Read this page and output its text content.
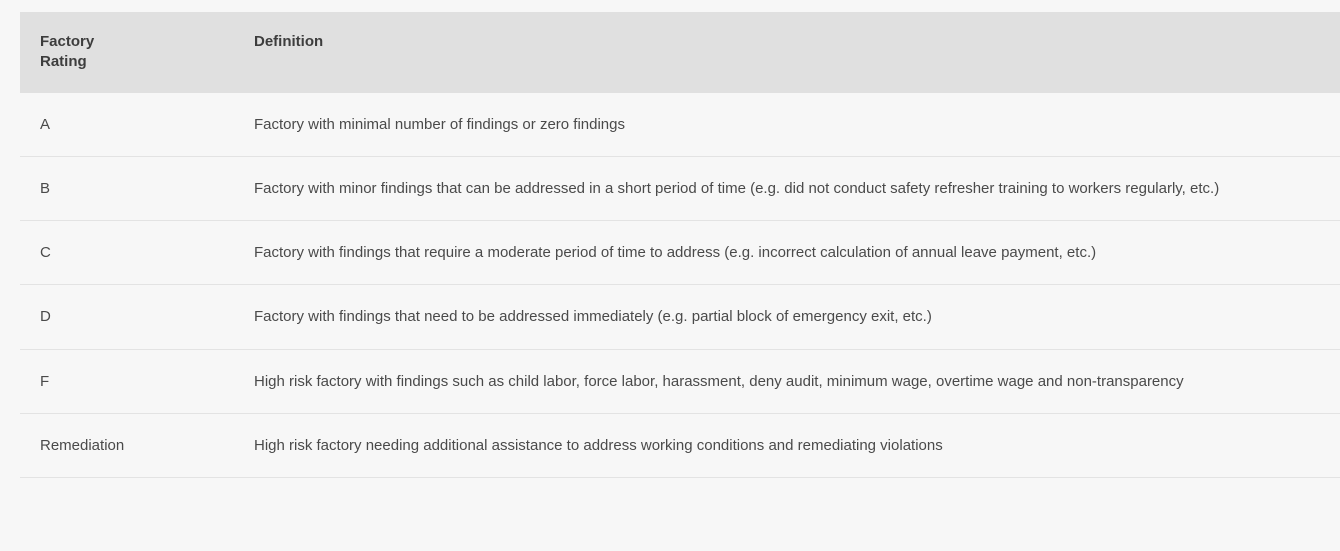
Factory
Rating	Definition
A	Factory with minimal number of findings or zero findings
B	Factory with minor findings that can be addressed in a short period of time (e.g. did not conduct safety refresher training to workers regularly, etc.)
C	Factory with findings that require a moderate period of time to address (e.g. incorrect calculation of annual leave payment, etc.)
D	Factory with findings that need to be addressed immediately (e.g. partial block of emergency exit, etc.)
F	High risk factory with findings such as child labor, force labor, harassment, deny audit, minimum wage, overtime wage and non-transparency
Remediation	High risk factory needing additional assistance to address working conditions and remediating violations
